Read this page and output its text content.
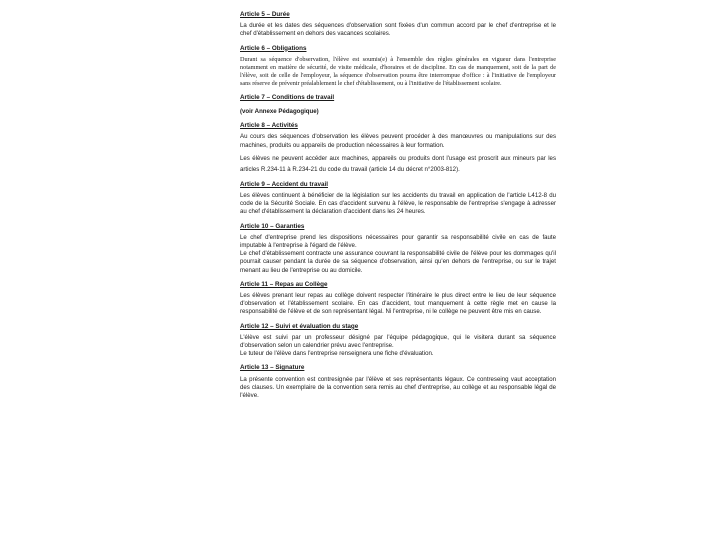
Article 5 – Durée

La durée et les dates des séquences d'observation sont fixées d'un commun accord par le chef d'entreprise et le chef d'établissement en dehors des vacances scolaires.

Article 6 – Obligations

Durant sa séquence d'observation, l'élève est soumis(e) à l'ensemble des règles générales en vigueur dans l'entreprise notamment en matière de sécurité, de visite médicale, d'horaires et de discipline. En cas de manquement, soit de la part de l'élève, soit de celle de l'employeur, la séquence d'observation pourra être interrompue d'office : à l'initiative de l'employeur sans réserve de prévenir préalablement le chef d'établissement, ou à l'initiative de l'établissement scolaire.

Article 7 – Conditions de travail
(voir Annexe Pédagogique)
Article 8 – Activités

Au cours des séquences d'observation les élèves peuvent procéder à des manœuvres ou manipulations sur des machines, produits ou appareils de production nécessaires à leur formation.

Les élèves ne peuvent accéder aux machines, appareils ou produits dont l'usage est proscrit aux mineurs par les articles R.234-11 à R.234-21 du code du travail (article 14 du décret n°2003-812).

Article 9 – Accident du travail

Les élèves continuent à bénéficier de la législation sur les accidents du travail en application de l'article L412-8 du code de la Sécurité Sociale. En cas d'accident survenu à l'élève, le responsable de l'entreprise s'engage à adresser au chef d'établissement la déclaration d'accident dans les 24 heures.

Article 10 – Garanties

Le chef d'entreprise prend les dispositions nécessaires pour garantir sa responsabilité civile en cas de faute imputable à l'entreprise à l'égard de l'élève.

Le chef d'établissement contracte une assurance couvrant la responsabilité civile de l'élève pour les dommages qu'il pourrait causer pendant la durée de sa séquence d'observation, ainsi qu'en dehors de l'entreprise, ou sur le trajet menant au lieu de l'entreprise ou au domicile.

Article 11 – Repas au Collège

Les élèves prenant leur repas au collège doivent respecter l'itinéraire le plus direct entre le lieu de leur séquence d'observation et l'établissement scolaire. En cas d'accident, tout manquement à cette règle met en cause la responsabilité de l'élève et de son représentant légal. Ni l'entreprise, ni le collège ne peuvent être mis en cause.

Article 12 – Suivi et évaluation du stage

L'élève est suivi par un professeur désigné par l'équipe pédagogique, qui le visitera durant sa séquence d'observation selon un calendrier prévu avec l'entreprise.

Le tuteur de l'élève dans l'entreprise renseignera une fiche d'évaluation.

Article 13 – Signature

La présente convention est contresignée par l'élève et ses représentants légaux. Ce contreseing vaut acceptation des clauses. Un exemplaire de la convention sera remis au chef d'entreprise, au collège et au responsable légal de l'élève.
